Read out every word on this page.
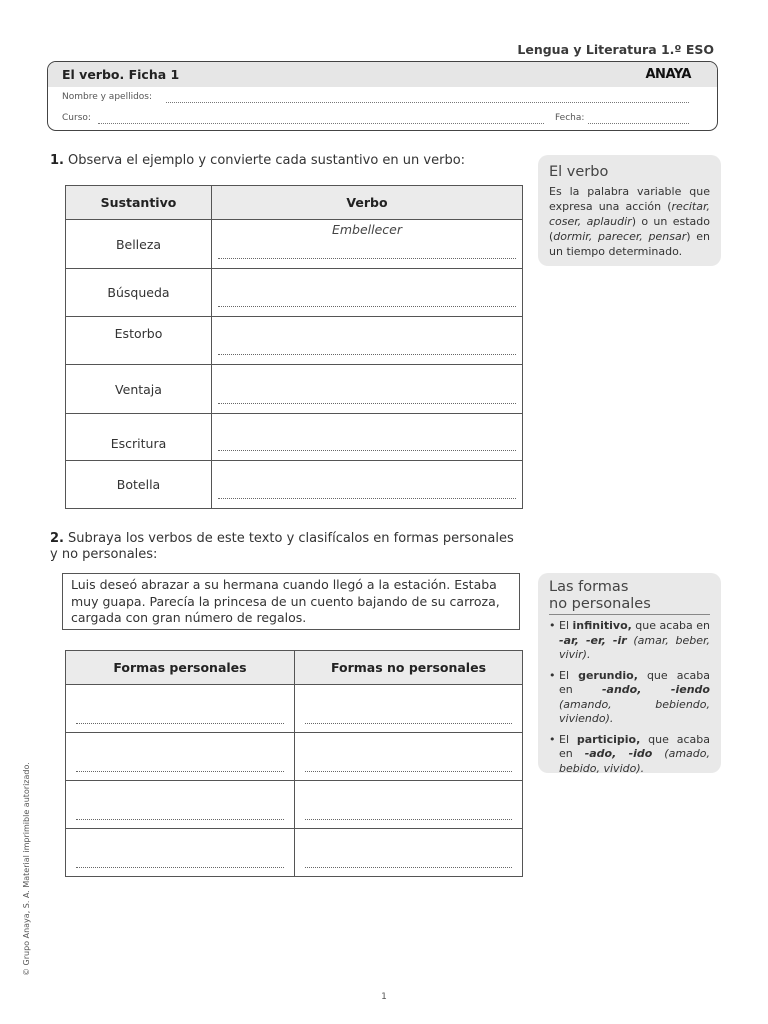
Lengua y Literatura 1.º ESO
El verbo. Ficha 1	ANAYA
Nombre y apellidos:
Curso:	Fecha:
1. Observa el ejemplo y convierte cada sustantivo en un verbo:
Sustantivo	Verbo
Belleza	Embellecer

Búsqueda	

Estorbo	

Ventaja	

Escritura	

Botella	
2. Subraya los verbos de este texto y clasifícalos en formas personales y no personales:
Luis deseó abrazar a su hermana cuando llegó a la estación. Estaba muy guapa. Parecía la princesa de un cuento bajando de su carroza, cargada con gran número de regalos.
Formas personales	Formas no personales

El verbo
Es la palabra variable que expresa una acción (recitar, coser, aplaudir) o un estado (dormir, parecer, pensar) en un tiempo determinado.
Las formas
no personales
• El infinitivo, que acaba en -ar, -er, -ir (amar, beber, vivir).
• El gerundio, que acaba en -ando, -iendo (amando, bebiendo, viviendo).
• El participio, que acaba en -ado, -ido (amado, bebido, vivido).
© Grupo Anaya, S. A. Material imprimible autorizado.
1
